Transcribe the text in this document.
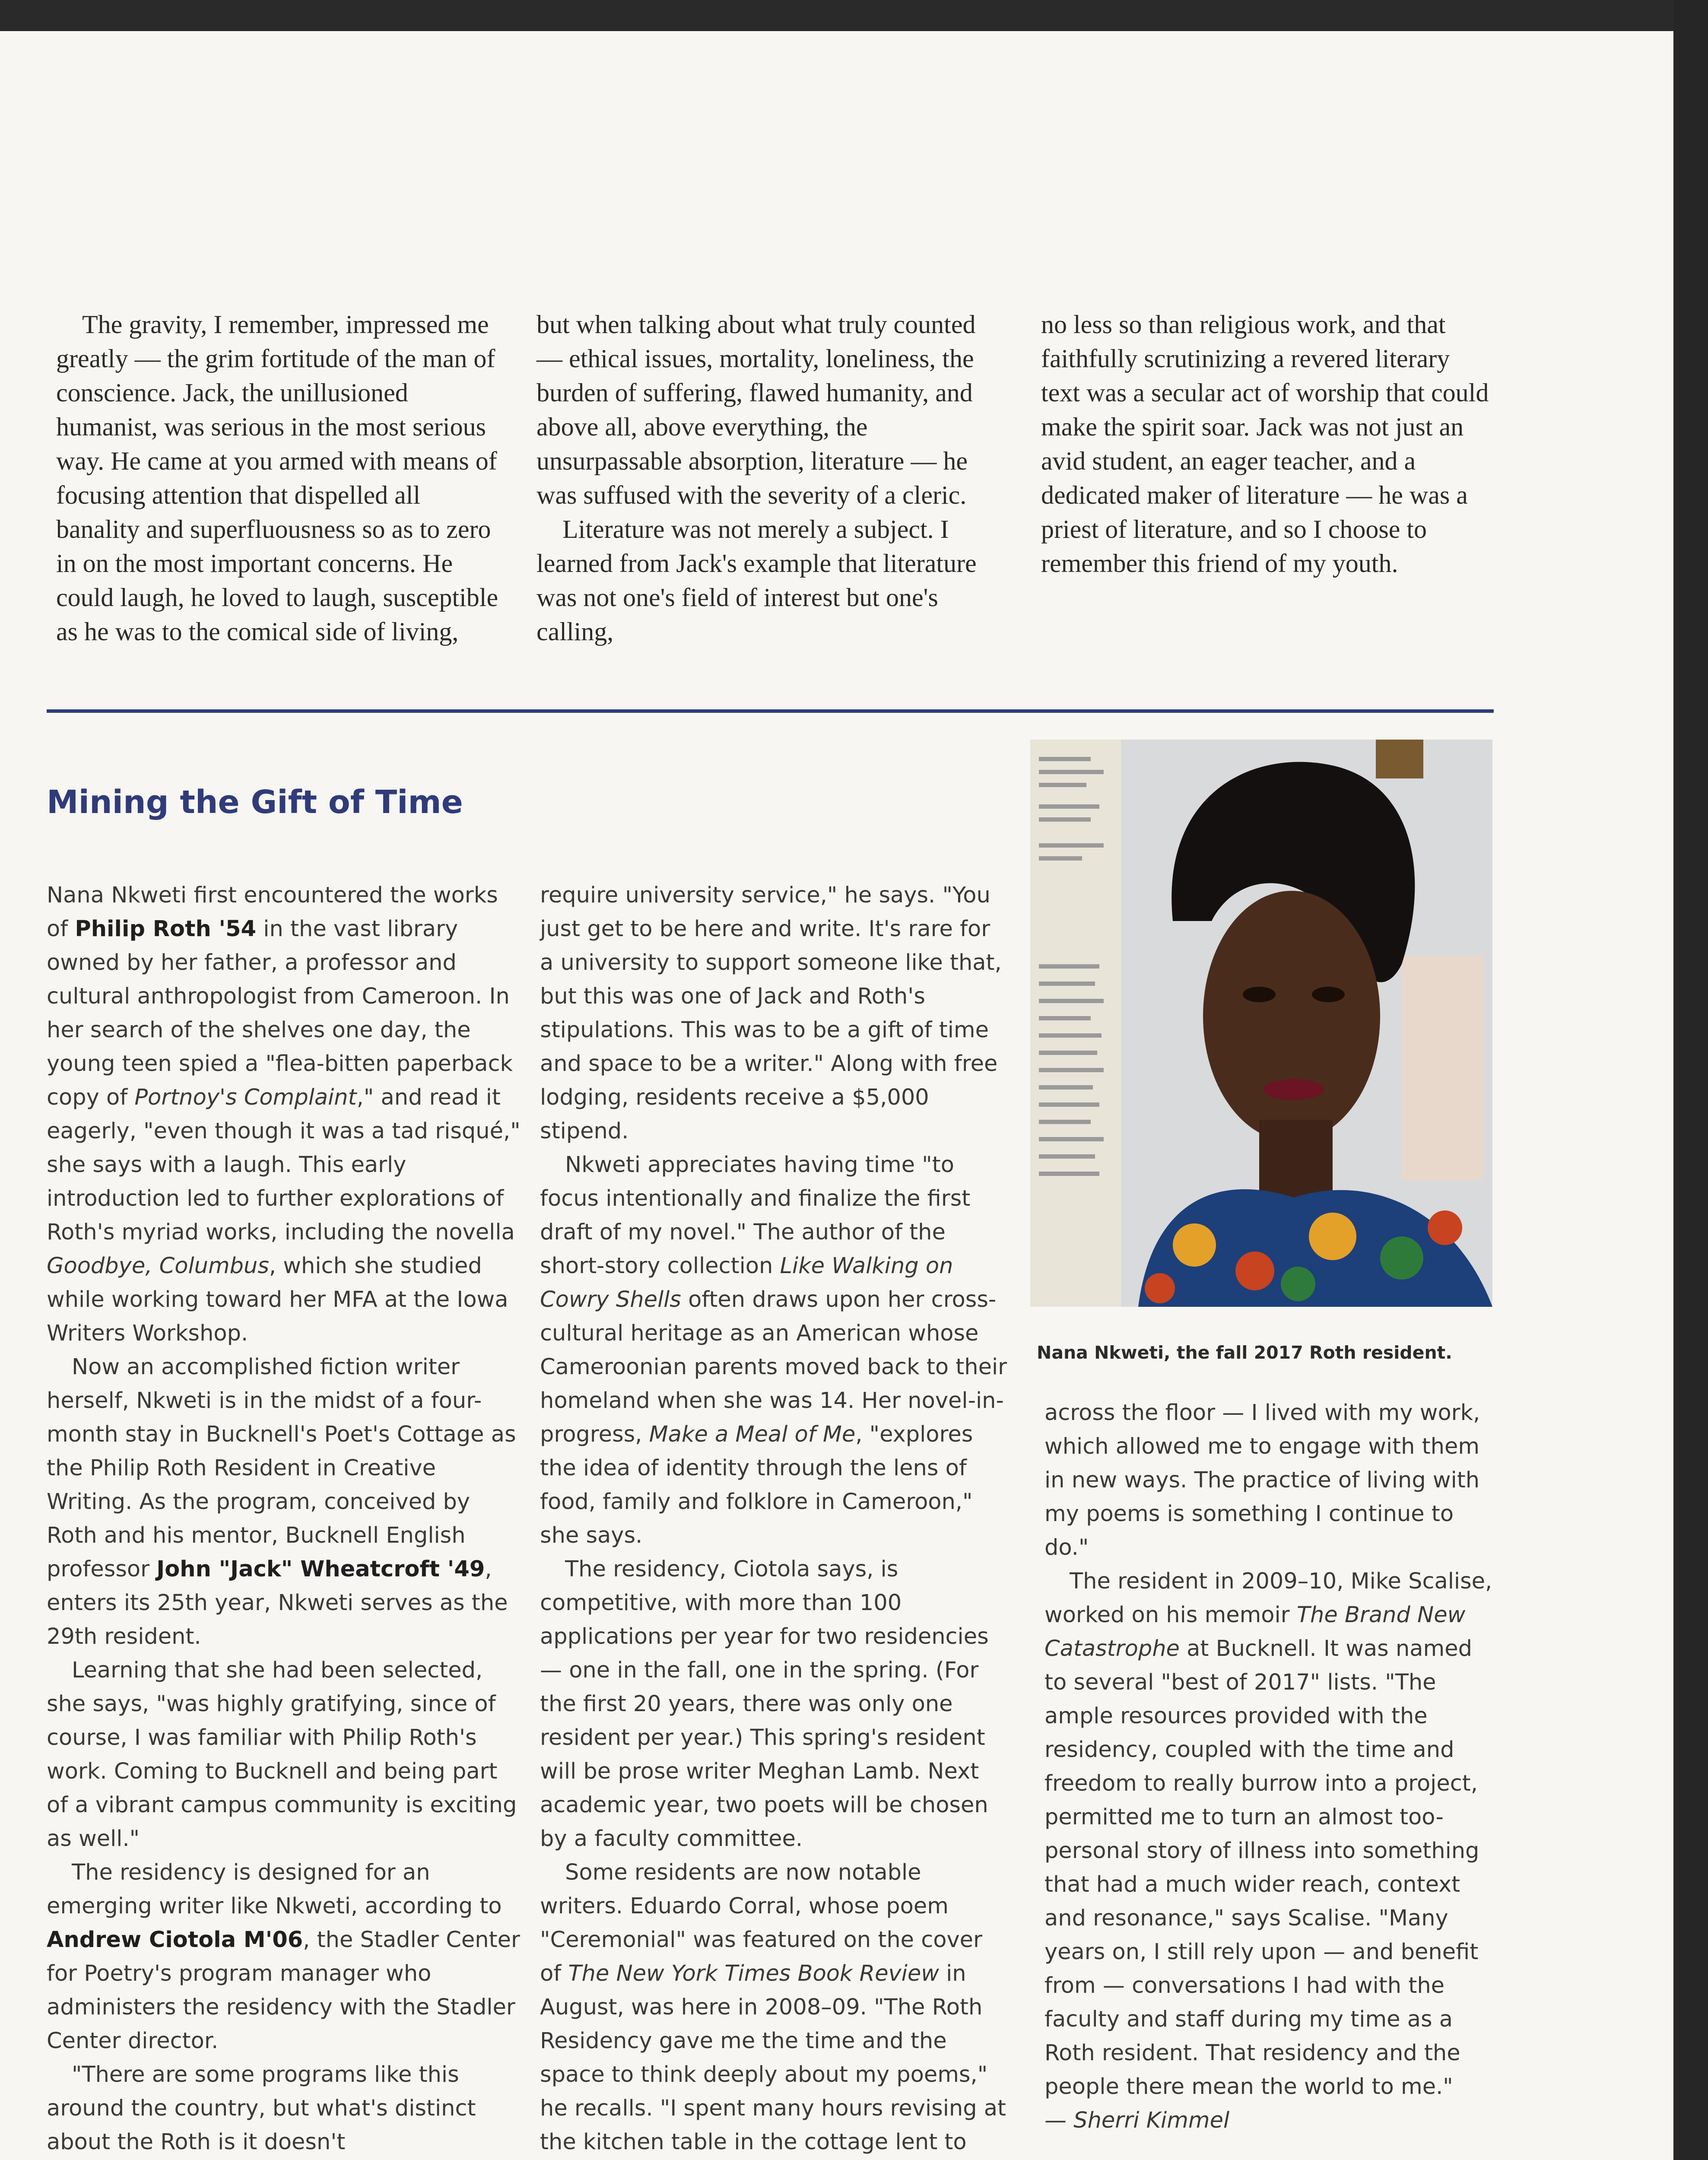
The gravity, I remember, impressed me greatly — the grim fortitude of the man of conscience. Jack, the unillusioned humanist, was serious in the most serious way. He came at you armed with means of focusing attention that dispelled all banality and superfluousness so as to zero in on the most important concerns. He could laugh, he loved to laugh, susceptible as he was to the comical side of living,

but when talking about what truly counted — ethical issues, mortality, loneliness, the burden of suffering, flawed humanity, and above all, above everything, the unsurpassable absorption, literature — he was suffused with the severity of a cleric.

Literature was not merely a subject. I learned from Jack's example that literature was not one's field of interest but one's calling,

no less so than religious work, and that faithfully scrutinizing a revered literary text was a secular act of worship that could make the spirit soar. Jack was not just an avid student, an eager teacher, and a dedicated maker of literature — he was a priest of literature, and so I choose to remember this friend of my youth.

Mining the Gift of Time

Nana Nkweti first encountered the works of Philip Roth '54 in the vast library owned by her father, a professor and cultural anthropologist from Cameroon. In her search of the shelves one day, the young teen spied a "flea-bitten paperback copy of Portnoy's Complaint," and read it eagerly, "even though it was a tad risqué," she says with a laugh. This early introduction led to further explorations of Roth's myriad works, including the novella Goodbye, Columbus, which she studied while working toward her MFA at the Iowa Writers Workshop.

Now an accomplished fiction writer herself, Nkweti is in the midst of a four-month stay in Bucknell's Poet's Cottage as the Philip Roth Resident in Creative Writing. As the program, conceived by Roth and his mentor, Bucknell English professor John "Jack" Wheatcroft '49, enters its 25th year, Nkweti serves as the 29th resident.

Learning that she had been selected, she says, "was highly gratifying, since of course, I was familiar with Philip Roth's work. Coming to Bucknell and being part of a vibrant campus community is exciting as well."

The residency is designed for an emerging writer like Nkweti, according to Andrew Ciotola M'06, the Stadler Center for Poetry's program manager who administers the residency with the Stadler Center director.

"There are some programs like this around the country, but what's distinct about the Roth is it doesn't

require university service," he says. "You just get to be here and write. It's rare for a university to support someone like that, but this was one of Jack and Roth's stipulations. This was to be a gift of time and space to be a writer." Along with free lodging, residents receive a $5,000 stipend.

Nkweti appreciates having time "to focus intentionally and finalize the first draft of my novel." The author of the short-story collection Like Walking on Cowry Shells often draws upon her cross-cultural heritage as an American whose Cameroonian parents moved back to their homeland when she was 14. Her novel-in-progress, Make a Meal of Me, "explores the idea of identity through the lens of food, family and folklore in Cameroon," she says.

The residency, Ciotola says, is competitive, with more than 100 applications per year for two residencies — one in the fall, one in the spring. (For the first 20 years, there was only one resident per year.) This spring's resident will be prose writer Meghan Lamb. Next academic year, two poets will be chosen by a faculty committee.

Some residents are now notable writers. Eduardo Corral, whose poem "Ceremonial" was featured on the cover of The New York Times Book Review in August, was here in 2008–09. "The Roth Residency gave me the time and the space to think deeply about my poems," he recalls. "I spent many hours revising at the kitchen table in the cottage lent to

Nana Nkweti, the fall 2017 Roth resident.

across the floor — I lived with my work, which allowed me to engage with them in new ways. The practice of living with my poems is something I continue to do."

The resident in 2009–10, Mike Scalise, worked on his memoir The Brand New Catastrophe at Bucknell. It was named to several "best of 2017" lists. "The ample resources provided with the residency, coupled with the time and freedom to really burrow into a project, permitted me to turn an almost too-personal story of illness into something that had a much wider reach, context and resonance," says Scalise. "Many years on, I still rely upon — and benefit from — conversations I had with the faculty and staff during my time as a Roth resident. That residency and the people there mean the world to me."

— Sherri Kimmel
